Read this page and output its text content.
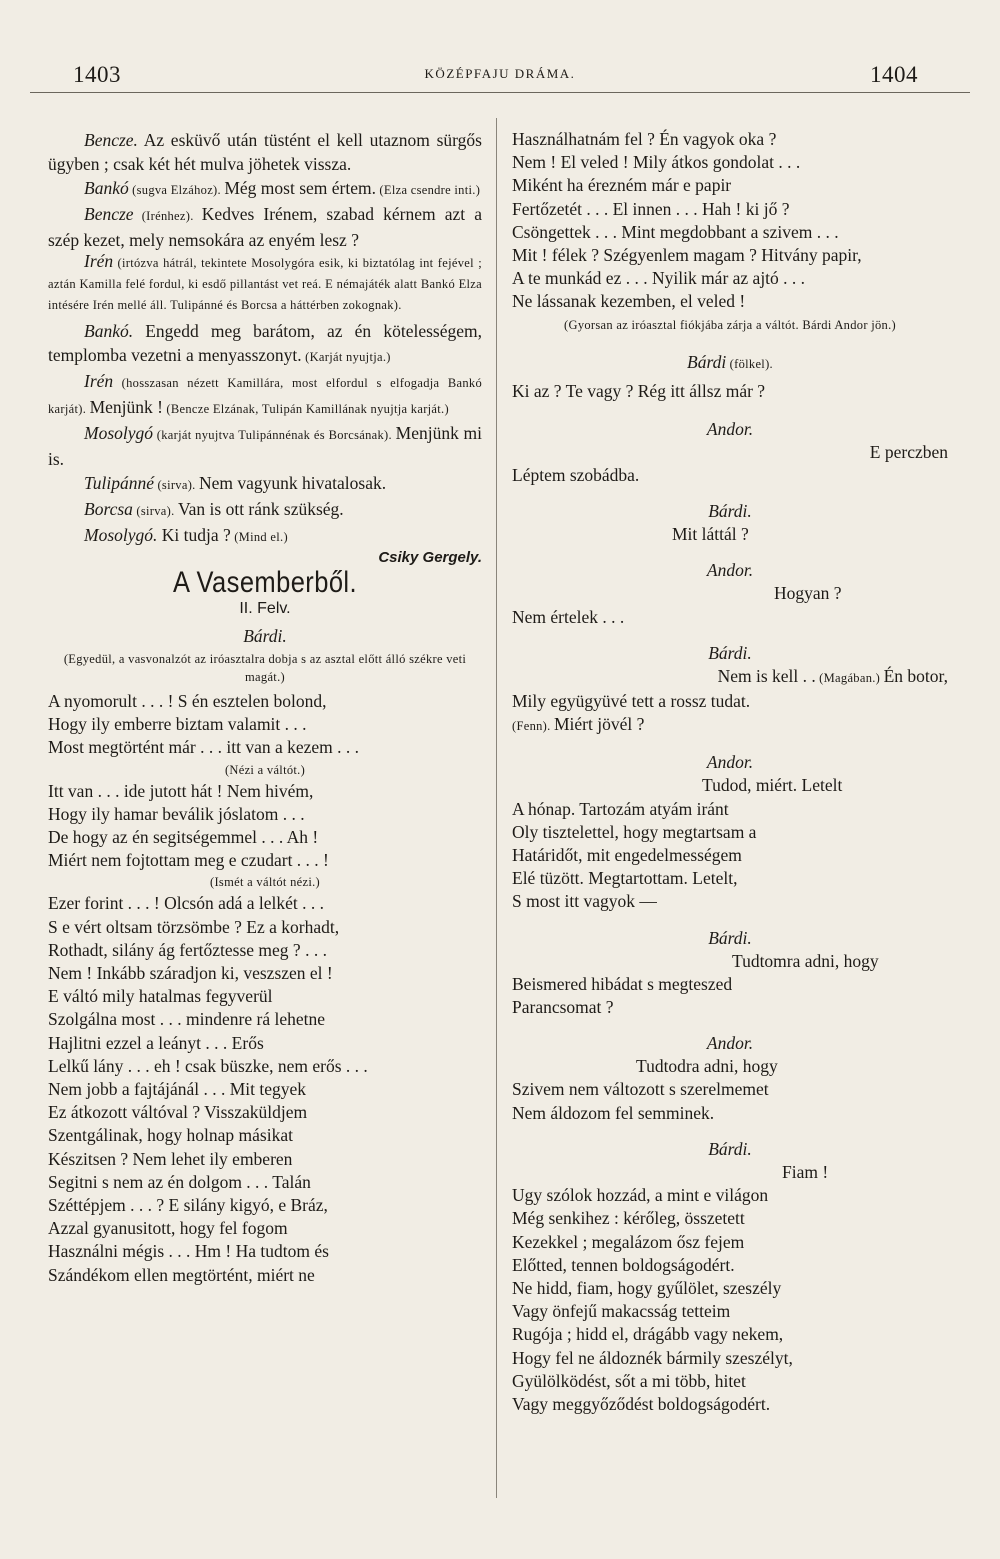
1403	KÖZÉPFAJU DRÁMA.	1404

Bencze. Az esküvő után tüstént el kell utaznom sürgős ügyben ; csak két hét mulva jöhetek vissza.

Bankó (sugva Elzához). Még most sem értem. (Elza csendre inti.)

Bencze (Irénhez). Kedves Irénem, szabad kérnem azt a szép kezet, mely nemsokára az enyém lesz ?

Irén (irtózva hátrál, tekintete Mosolygóra esik, ki biztatólag int fejével ; aztán Kamilla felé fordul, ki esdő pillantást vet reá. E némajáték alatt Bankó Elza intésére Irén mellé áll. Tulipánné és Borcsa a háttérben zokognak).

Bankó. Engedd meg barátom, az én kötelességem, templomba vezetni a menyasszonyt. (Karját nyujtja.)

Irén (hosszasan nézett Kamillára, most elfordul s elfogadja Bankó karját). Menjünk ! (Bencze Elzának, Tulipán Kamillának nyujtja karját.)

Mosolygó (karját nyujtva Tulipánnénak és Borcsának). Menjünk mi is.

Tulipánné (sirva). Nem vagyunk hivatalosak.

Borcsa (sirva). Van is ott ránk szükség.

Mosolygó. Ki tudja ? (Mind el.)

Csiky Gergely.

A Vasemberből.

II. Felv.

Bárdi.

(Egyedül, a vasvonalzót az iróasztalra dobja s az asztal előtt álló székre veti magát.)

A nyomorult . . . ! S én esztelen bolond,

Hogy ily emberre biztam valamit . . .

Most megtörtént már . . . itt van a kezem . . .

(Nézi a váltót.)

Itt van . . . ide jutott hát ! Nem hivém,

Hogy ily hamar beválik jóslatom . . .

De hogy az én segitségemmel . . . Ah !

Miért nem fojtottam meg e czudart . . . !

(Ismét a váltót nézi.)

Ezer forint . . . ! Olcsón adá a lelkét . . .

S e vért oltsam törzsömbe ? Ez a korhadt,

Rothadt, silány ág fertőztesse meg ? . . .

Nem ! Inkább száradjon ki, veszszen el !

E váltó mily hatalmas fegyverül

Szolgálna most . . . mindenre rá lehetne

Hajlitni ezzel a leányt . . . Erős

Lelkű lány . . . eh ! csak büszke, nem erős . . .

Nem jobb a fajtájánál . . . Mit tegyek

Ez átkozott váltóval ? Visszaküldjem

Szentgálinak, hogy holnap másikat

Készitsen ? Nem lehet ily emberen

Segitni s nem az én dolgom . . . Talán

Széttépjem . . . ? E silány kigyó, e Bráz,

Azzal gyanusitott, hogy fel fogom

Használni mégis . . . Hm ! Ha tudtom és

Szándékom ellen megtörtént, miért ne

Használhatnám fel ? Én vagyok oka ?

Nem ! El veled ! Mily átkos gondolat . . .

Miként ha érezném már e papir

Fertőzetét . . . El innen . . . Hah ! ki jő ?

Csöngettek . . . Mint megdobbant a szivem . . .

Mit ! félek ? Szégyenlem magam ? Hitvány papir,

A te munkád ez . . . Nyilik már az ajtó . . .

Ne lássanak kezemben, el veled !

(Gyorsan az iróasztal fiókjába zárja a váltót. Bárdi Andor jön.)

Bárdi (fölkel).

Ki az ? Te vagy ? Rég itt állsz már ?

Andor.

E perczben

Léptem szobádba.

Bárdi.

Mit láttál ?

Andor.

Hogyan ?

Nem értelek . . .

Bárdi.

Nem is kell . . (Magában.) Én botor,

Mily együgyüvé tett a rossz tudat.

(Fenn). Miért jövél ?

Andor.

Tudod, miért. Letelt

A hónap. Tartozám atyám iránt

Oly tisztelettel, hogy megtartsam a

Határidőt, mit engedelmességem

Elé tüzött. Megtartottam. Letelt,

S most itt vagyok —

Bárdi.

Tudtomra adni, hogy

Beismered hibádat s megteszed

Parancsomat ?

Andor.

Tudtodra adni, hogy

Szivem nem változott s szerelmemet

Nem áldozom fel semminek.

Bárdi.

Fiam !

Ugy szólok hozzád, a mint e világon

Még senkihez : kérőleg, összetett

Kezekkel ; megalázom ősz fejem

Előtted, tennen boldogságodért.

Ne hidd, fiam, hogy gyűlölet, szeszély

Vagy önfejű makacsság tetteim

Rugója ; hidd el, drágább vagy nekem,

Hogy fel ne áldoznék bármily szeszélyt,

Gyülölködést, sőt a mi több, hitet

Vagy meggyőződést boldogságodért.
